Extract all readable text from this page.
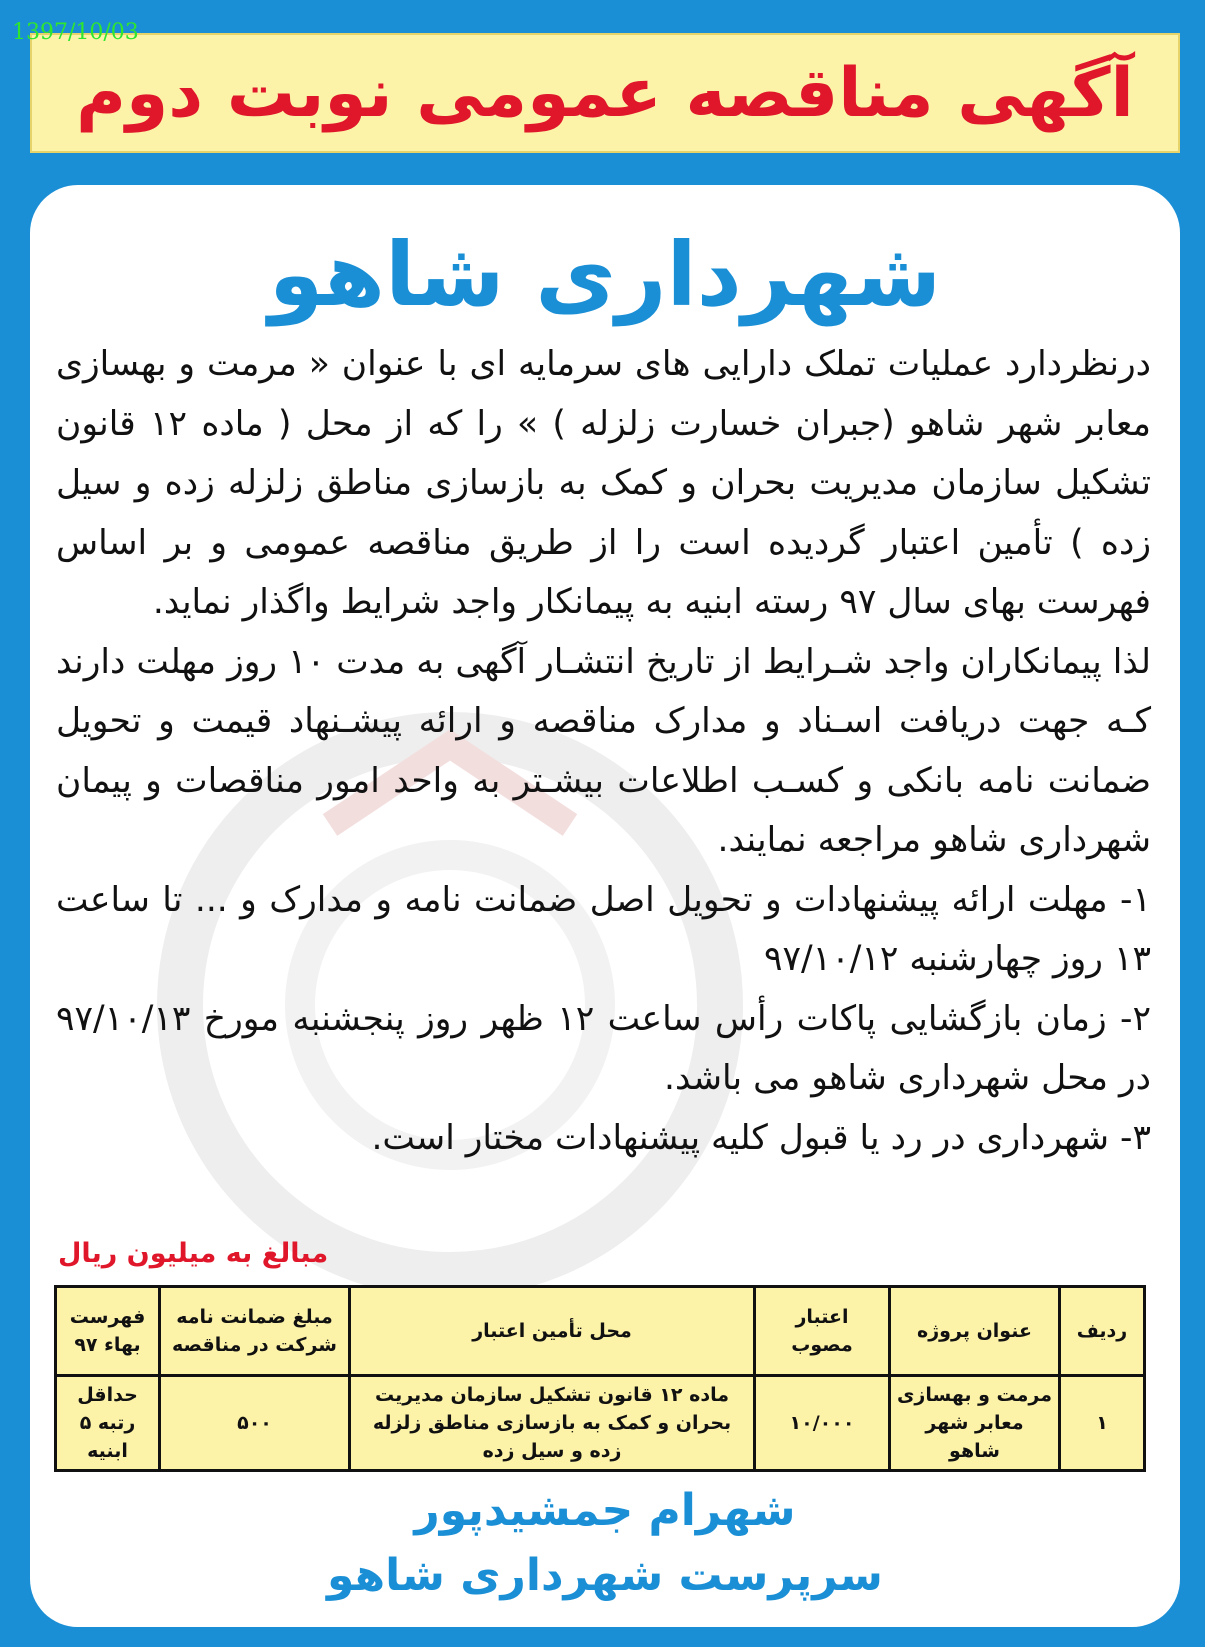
1397/10/03
آگهی مناقصه عمومی نوبت دوم
شهرداری شاهو

درنظردارد عملیات تملک دارایی های سرمایه ای با عنوان « مرمت و بهسازی معابر شهر شاهو (جبران خسارت زلزله ) » را که از محل ( ماده ۱۲ قانون تشکیل سازمان مدیریت بحران و کمک به بازسازی مناطق زلزله زده و سیل زده ) تأمین اعتبار گردیده است را از طریق مناقصه عمومی و بر اساس فهرست بهای سال ۹۷ رسته ابنیه به پیمانکار واجد شرایط واگذار نماید.

لذا پیمانکاران واجد شـرایط از تاریخ انتشـار آگهی به مدت ۱۰ روز مهلت دارند کـه جهت دریافت اسـناد و مدارک مناقصه و ارائه پیشـنهاد قیمت و تحویل ضمانت نامه بانکی و کسـب اطلاعات بیشـتر به واحد امور مناقصات و پیمان شهرداری شاهو مراجعه نمایند.

۱- مهلت ارائه پیشنهادات و تحویل اصل ضمانت نامه و مدارک و ... تا ساعت ۱۳ روز چهارشنبه ۹۷/۱۰/۱۲

۲- زمان بازگشایی پاکات رأس ساعت ۱۲ ظهر روز پنجشنبه مورخ ۹۷/۱۰/۱۳ در محل شهرداری شاهو می باشد.

۳- شهرداری در رد یا قبول کلیه پیشنهادات مختار است.

مبالغ به میلیون ریال
ردیف	عنوان پروژه	اعتبار مصوب	محل تأمین اعتبار	مبلغ ضمانت نامه شرکت در مناقصه	فهرست بهاء ۹۷
۱	مرمت و بهسازی معابر شهر شاهو	۱۰/۰۰۰	ماده ۱۲ قانون تشکیل سازمان مدیریت بحران و کمک به بازسازی مناطق زلزله زده و سیل زده	۵۰۰	حداقل رتبه ۵ ابنیه
شهرام جمشیدپور
سرپرست شهرداری شاهو
